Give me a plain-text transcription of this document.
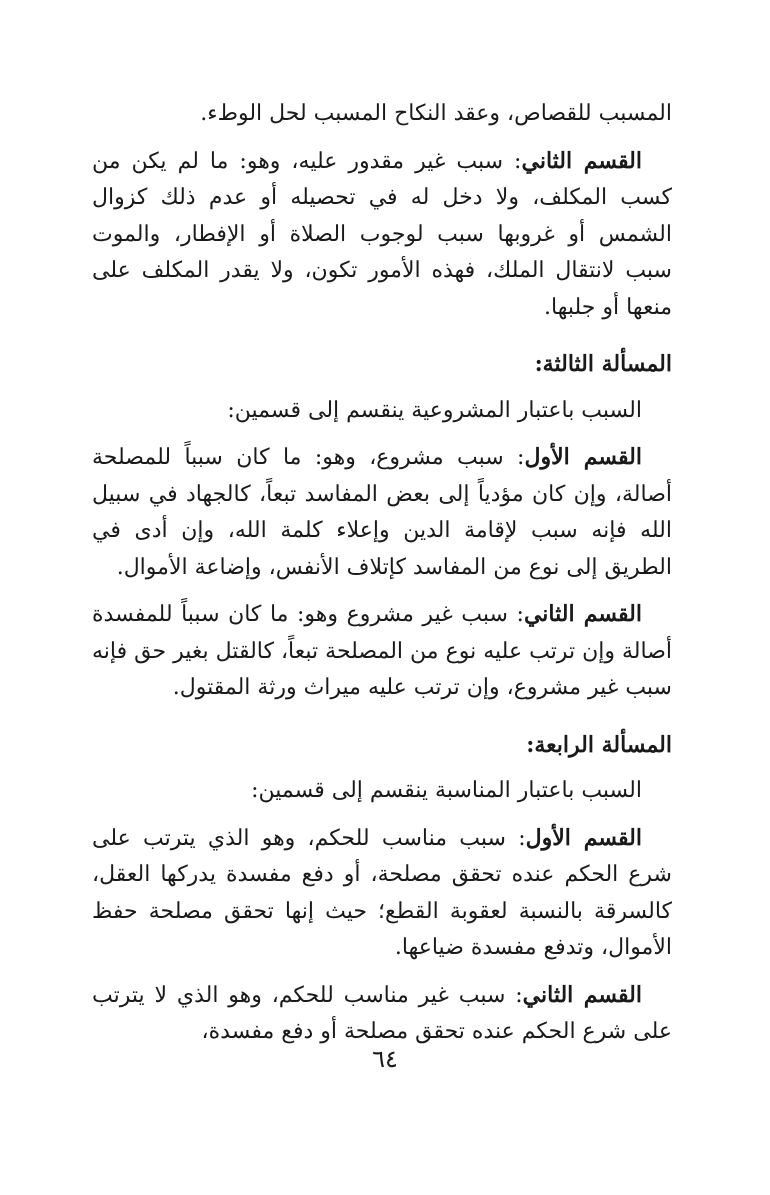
المسبب للقصاص، وعقد النكاح المسبب لحل الوطء.

القسم الثاني: سبب غير مقدور عليه، وهو: ما لم يكن من كسب المكلف، ولا دخل له في تحصيله أو عدم ذلك كزوال الشمس أو غروبها سبب لوجوب الصلاة أو الإفطار، والموت سبب لانتقال الملك، فهذه الأمور تكون، ولا يقدر المكلف على منعها أو جلبها.

المسألة الثالثة:

السبب باعتبار المشروعية ينقسم إلى قسمين:

القسم الأول: سبب مشروع، وهو: ما كان سبباً للمصلحة أصالة، وإن كان مؤدياً إلى بعض المفاسد تبعاً، كالجهاد في سبيل الله فإنه سبب لإقامة الدين وإعلاء كلمة الله، وإن أدى في الطريق إلى نوع من المفاسد كإتلاف الأنفس، وإضاعة الأموال.

القسم الثاني: سبب غير مشروع وهو: ما كان سبباً للمفسدة أصالة وإن ترتب عليه نوع من المصلحة تبعاً، كالقتل بغير حق فإنه سبب غير مشروع، وإن ترتب عليه ميراث ورثة المقتول.

المسألة الرابعة:

السبب باعتبار المناسبة ينقسم إلى قسمين:

القسم الأول: سبب مناسب للحكم، وهو الذي يترتب على شرع الحكم عنده تحقق مصلحة، أو دفع مفسدة يدركها العقل، كالسرقة بالنسبة لعقوبة القطع؛ حيث إنها تحقق مصلحة حفظ الأموال، وتدفع مفسدة ضياعها.

القسم الثاني: سبب غير مناسب للحكم، وهو الذي لا يترتب على شرع الحكم عنده تحقق مصلحة أو دفع مفسدة،

٦٤
